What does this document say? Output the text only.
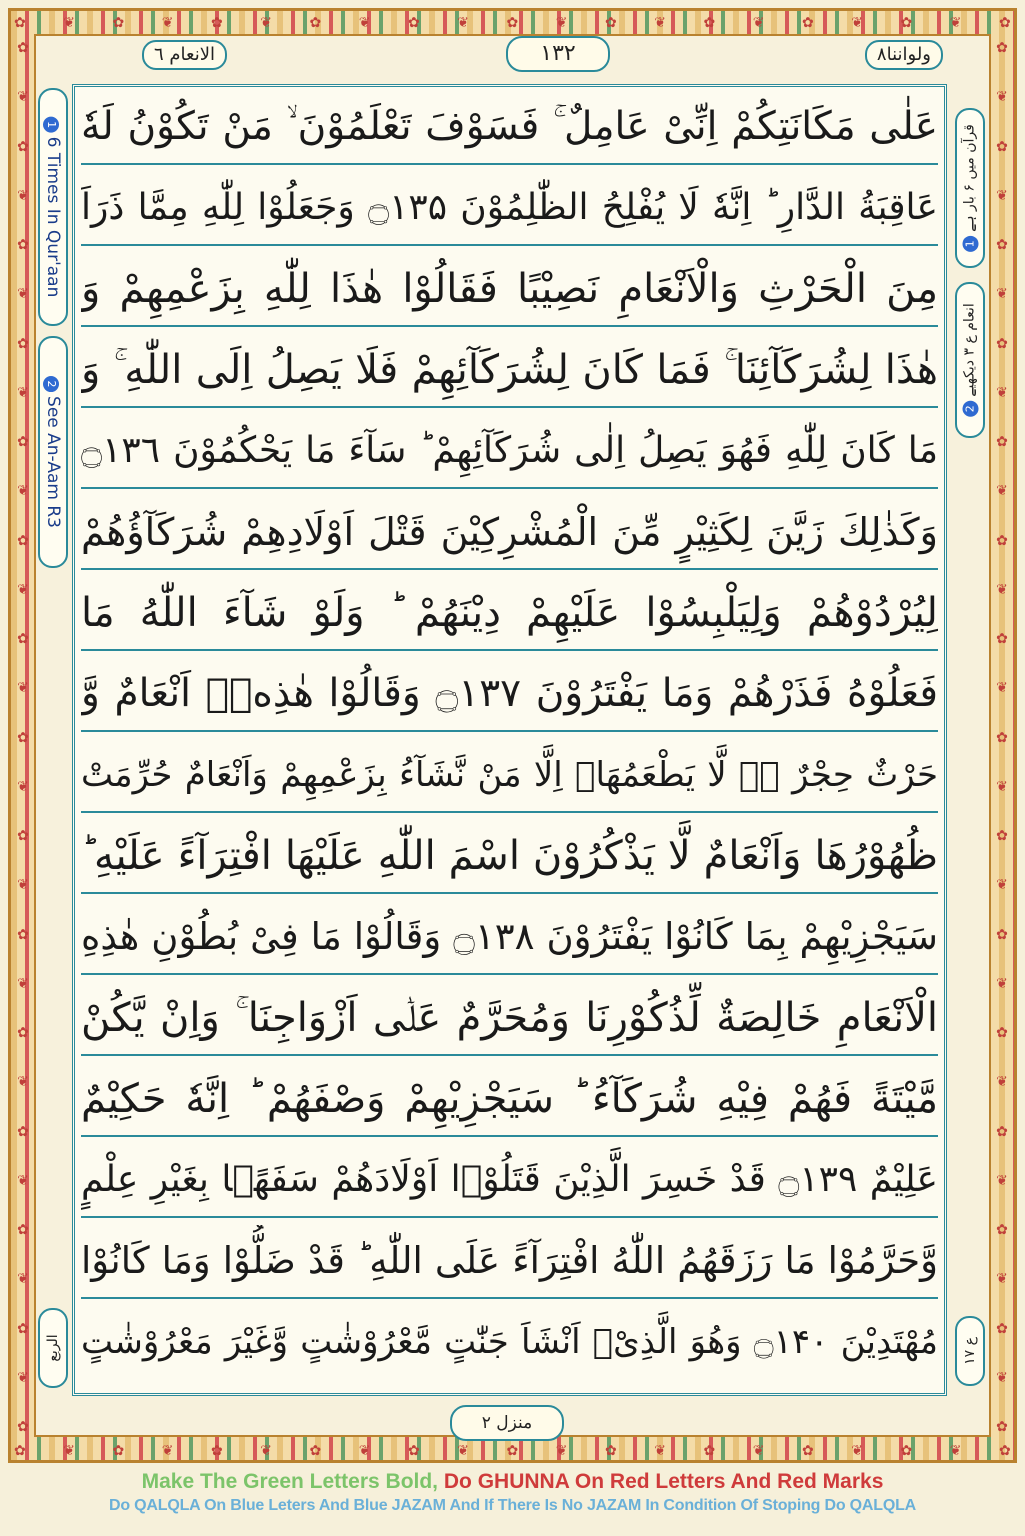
✿	❦	✿	❦	✿	❦	✿	❦	✿	❦	✿	❦	✿	❦	✿	❦	✿	❦	✿	❦	✿
✿	❦	✿	❦	✿	❦	✿	❦	✿	❦	✿	❦	✿	❦	✿	❦	✿	❦	✿	❦	✿
✿
❦
✿
❦
✿
❦
✿
❦
✿
❦
✿
❦
✿
❦
✿
❦
✿
❦
✿
❦
✿
❦
✿
❦
✿
❦
✿
❦
✿
✿
❦
✿
❦
✿
❦
✿
❦
✿
❦
✿
❦
✿
❦
✿
❦
✿
❦
✿
❦
✿
❦
✿
❦
✿
❦
✿
❦
✿
الانعام ٦	۱۳۲	ولواننا۸
16 Times In Qur'aan
2See An-Aam R3
الربع
1قرآن میں ۶ بار ہے
2انعام ع ۳ دیکھیے
ع ۱۷
عَلٰى مَكَانَتِكُمْ اِنِّىْ عَامِلٌ ۚ فَسَوْفَ تَعْلَمُوْنَ ۙ مَنْ تَكُوْنُ لَهٗ
عَاقِبَةُ الدَّارِ ؕ اِنَّهٗ لَا يُفْلِحُ الظّٰلِمُوْنَ ۝۱۳۵ وَجَعَلُوْا لِلّٰهِ مِمَّا ذَرَاَ
مِنَ الْحَرْثِ وَالْاَنْعَامِ نَصِيْبًا فَقَالُوْا هٰذَا لِلّٰهِ بِزَعْمِهِمْ وَ
هٰذَا لِشُرَكَآئِنَا ۚ فَمَا كَانَ لِشُرَكَآئِهِمْ فَلَا يَصِلُ اِلَى اللّٰهِ ۚ وَ
مَا كَانَ لِلّٰهِ فَهُوَ يَصِلُ اِلٰى شُرَكَآئِهِمْ ؕ سَآءَ مَا يَحْكُمُوْنَ ۝۱۳٦
وَكَذٰلِكَ زَيَّنَ لِكَثِيْرٍ مِّنَ الْمُشْرِكِيْنَ قَتْلَ اَوْلَادِهِمْ شُرَكَآؤُهُمْ
لِيُرْدُوْهُمْ وَلِيَلْبِسُوْا عَلَيْهِمْ دِيْنَهُمْ ؕ وَلَوْ شَآءَ اللّٰهُ مَا
فَعَلُوْهُ فَذَرْهُمْ وَمَا يَفْتَرُوْنَ ۝۱۳۷ وَقَالُوْا هٰذِهٖۤ اَنْعَامٌ وَّ
حَرْثٌ حِجْرٌ ۖۗ لَّا يَطْعَمُهَاۤ اِلَّا مَنْ نَّشَآءُ بِزَعْمِهِمْ وَاَنْعَامٌ حُرِّمَتْ
ظُهُوْرُهَا وَاَنْعَامٌ لَّا يَذْكُرُوْنَ اسْمَ اللّٰهِ عَلَيْهَا افْتِرَآءً عَلَيْهِ ؕ
سَيَجْزِيْهِمْ بِمَا كَانُوْا يَفْتَرُوْنَ ۝۱۳۸ وَقَالُوْا مَا فِىْ بُطُوْنِ هٰذِهِ
الْاَنْعَامِ خَالِصَةٌ لِّذُكُوْرِنَا وَمُحَرَّمٌ عَلٰۤى اَزْوَاجِنَا ۚ وَاِنْ يَّكُنْ
مَّيْتَةً فَهُمْ فِيْهِ شُرَكَآءُ ؕ سَيَجْزِيْهِمْ وَصْفَهُمْ ؕ اِنَّهٗ حَكِيْمٌ
عَلِيْمٌ ۝۱۳۹ قَدْ خَسِرَ الَّذِيْنَ قَتَلُوْۤا اَوْلَادَهُمْ سَفَهًۢا بِغَيْرِ عِلْمٍ
وَّحَرَّمُوْا مَا رَزَقَهُمُ اللّٰهُ افْتِرَآءً عَلَى اللّٰهِ ؕ قَدْ ضَلُّوْا وَمَا كَانُوْا
مُهْتَدِيْنَ ۝۱۴۰ وَهُوَ الَّذِىْۤ اَنْشَاَ جَنّٰتٍ مَّعْرُوْشٰتٍ وَّغَيْرَ مَعْرُوْشٰتٍ
منزل ٢
Make The Green Letters Bold, Do GHUNNA On Red Letters And Red Marks
Do QALQLA On Blue Leters And Blue JAZAM And If There Is No JAZAM In Condition Of Stoping Do QALQLA
